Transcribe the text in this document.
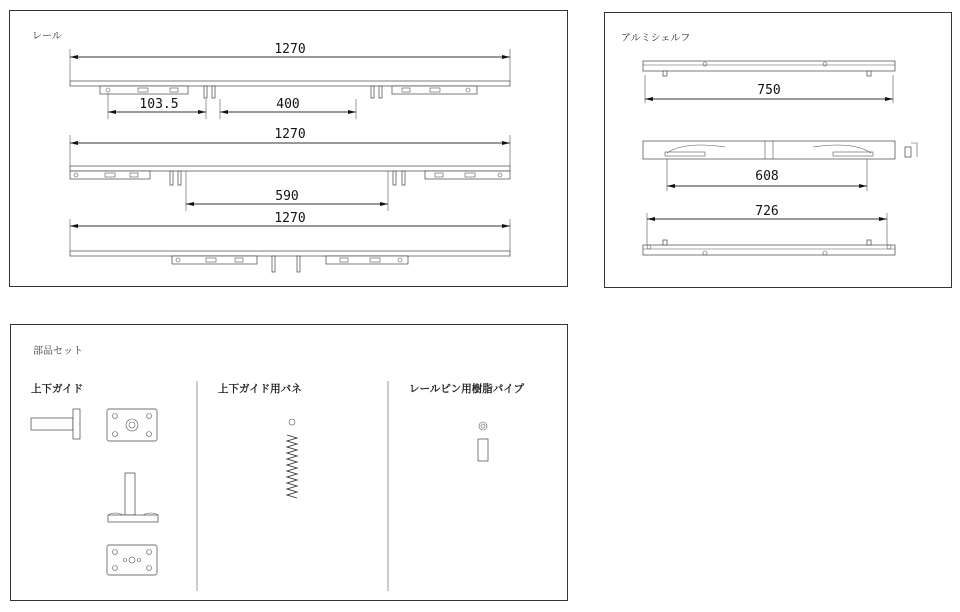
レール
1270
103.5	400
1270
590
1270
アルミシェルフ
750
608
726
部品セット
上下ガイド	上下ガイド用バネ	レールピン用樹脂パイプ
